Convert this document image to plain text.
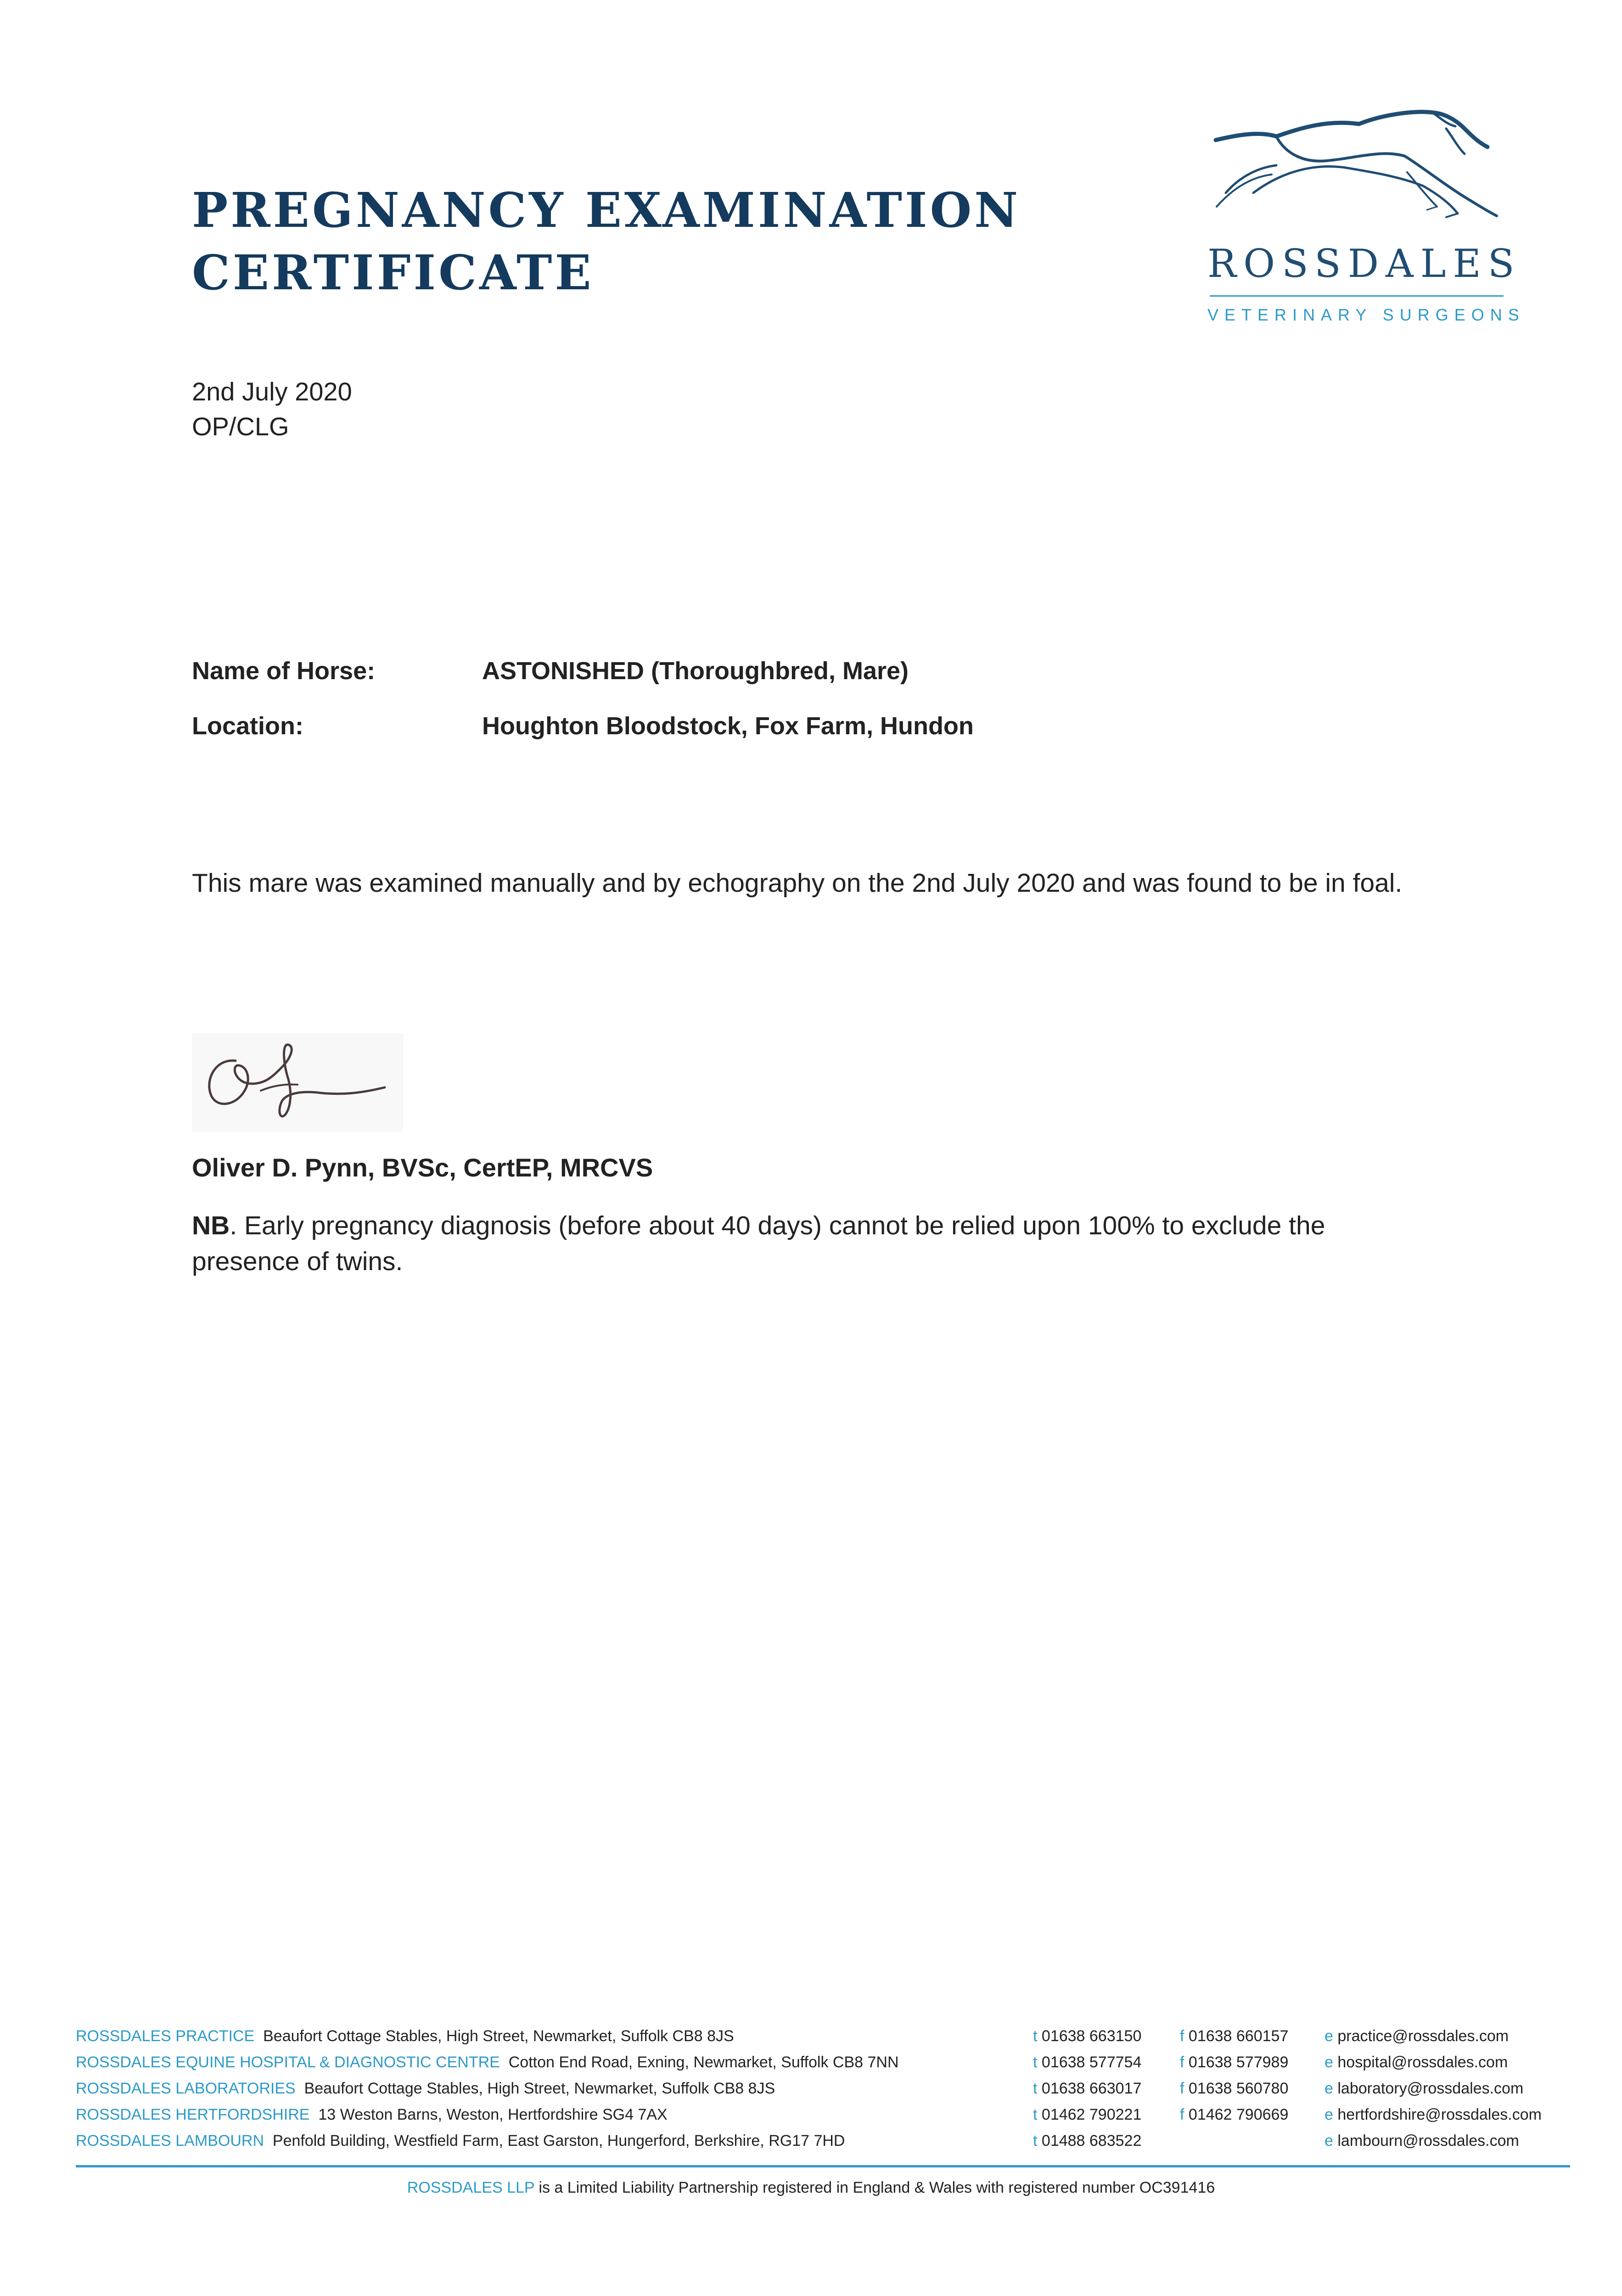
PREGNANCY EXAMINATION
CERTIFICATE	ROSSDALES
VETERINARY SURGEONS
2nd July 2020
OP/CLG
Name of Horse:	ASTONISHED (Thoroughbred, Mare)
Location:	Houghton Bloodstock, Fox Farm, Hundon
This mare was examined manually and by echography on the 2nd July 2020 and was found to be in foal.
Oliver D. Pynn, BVSc, CertEP, MRCVS
NB. Early pregnancy diagnosis (before about 40 days) cannot be relied upon 100% to exclude the presence of twins.
ROSSDALES PRACTICE Beaufort Cottage Stables, High Street, Newmarket, Suffolk CB8 8JS	t 01638 663150 f 01638 660157 e practice@rossdales.com
ROSSDALES EQUINE HOSPITAL & DIAGNOSTIC CENTRE Cotton End Road, Exning, Newmarket, Suffolk CB8 7NN	t 01638 577754 f 01638 577989 e hospital@rossdales.com
ROSSDALES LABORATORIES Beaufort Cottage Stables, High Street, Newmarket, Suffolk CB8 8JS	t 01638 663017 f 01638 560780 e laboratory@rossdales.com
ROSSDALES HERTFORDSHIRE 13 Weston Barns, Weston, Hertfordshire SG4 7AX	t 01462 790221 f 01462 790669 e hertfordshire@rossdales.com
ROSSDALES LAMBOURN Penfold Building, Westfield Farm, East Garston, Hungerford, Berkshire, RG17 7HD	t 01488 683522	e lambourn@rossdales.com
ROSSDALES LLP is a Limited Liability Partnership registered in England & Wales with registered number OC391416
